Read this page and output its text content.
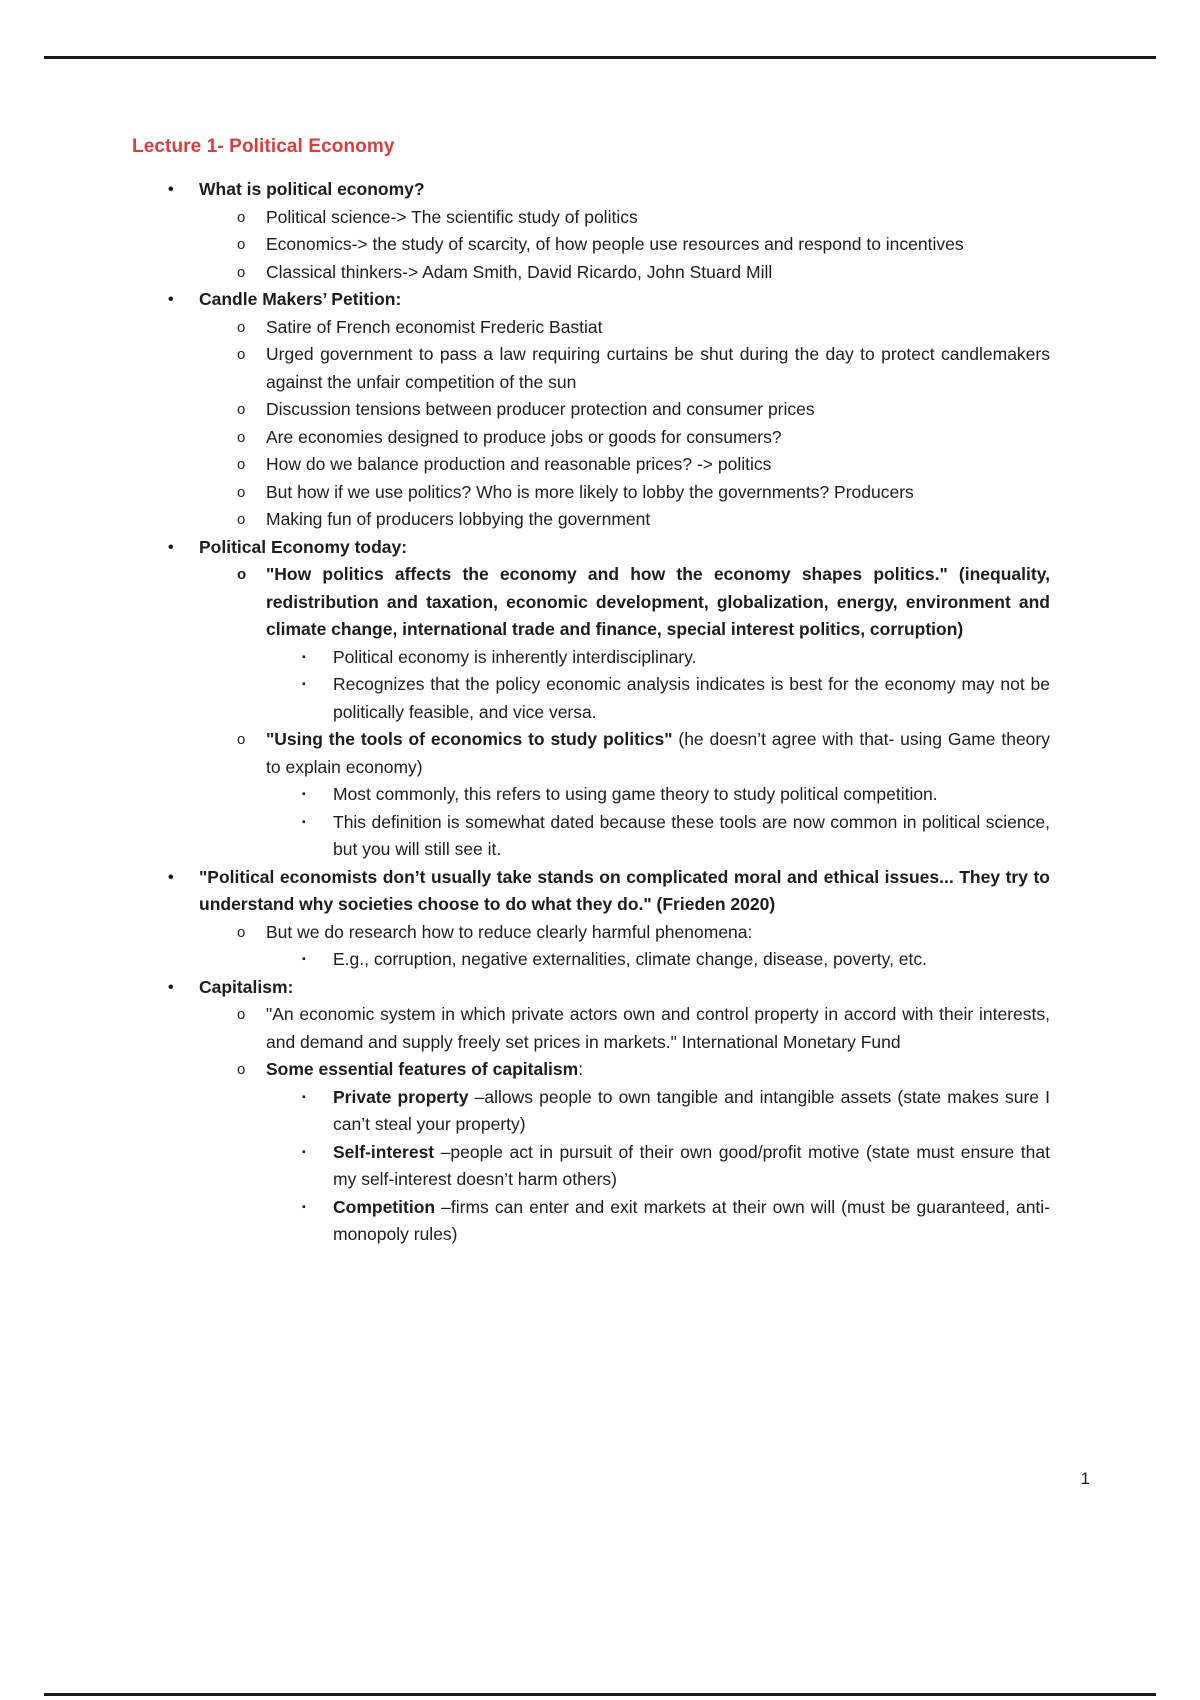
Lecture 1- Political Economy
• What is political economy?
o Political science-> The scientific study of politics
o Economics-> the study of scarcity, of how people use resources and respond to incentives
o Classical thinkers-> Adam Smith, David Ricardo, John Stuard Mill
• Candle Makers’ Petition:
o Satire of French economist Frederic Bastiat
o Urged government to pass a law requiring curtains be shut during the day to protect candlemakers against the unfair competition of the sun
o Discussion tensions between producer protection and consumer prices
o Are economies designed to produce jobs or goods for consumers?
o How do we balance production and reasonable prices? -> politics
o But how if we use politics? Who is more likely to lobby the governments? Producers
o Making fun of producers lobbying the government
• Political Economy today:
o "How politics affects the economy and how the economy shapes politics." (inequality, redistribution and taxation, economic development, globalization, energy, environment and climate change, international trade and finance, special interest politics, corruption)
▪ Political economy is inherently interdisciplinary.
▪ Recognizes that the policy economic analysis indicates is best for the economy may not be politically feasible, and vice versa.
o "Using the tools of economics to study politics" (he doesn’t agree with that- using Game theory to explain economy)
▪ Most commonly, this refers to using game theory to study political competition.
▪ This definition is somewhat dated because these tools are now common in political science, but you will still see it.
• "Political economists don’t usually take stands on complicated moral and ethical issues... They try to understand why societies choose to do what they do." (Frieden 2020)
o But we do research how to reduce clearly harmful phenomena:
▪ E.g., corruption, negative externalities, climate change, disease, poverty, etc.
• Capitalism:
o "An economic system in which private actors own and control property in accord with their interests, and demand and supply freely set prices in markets." International Monetary Fund
o Some essential features of capitalism:
▪ Private property –allows people to own tangible and intangible assets (state makes sure I can’t steal your property)
▪ Self-interest –people act in pursuit of their own good/profit motive (state must ensure that my self-interest doesn’t harm others)
▪ Competition –firms can enter and exit markets at their own will (must be guaranteed, anti-monopoly rules)
1
